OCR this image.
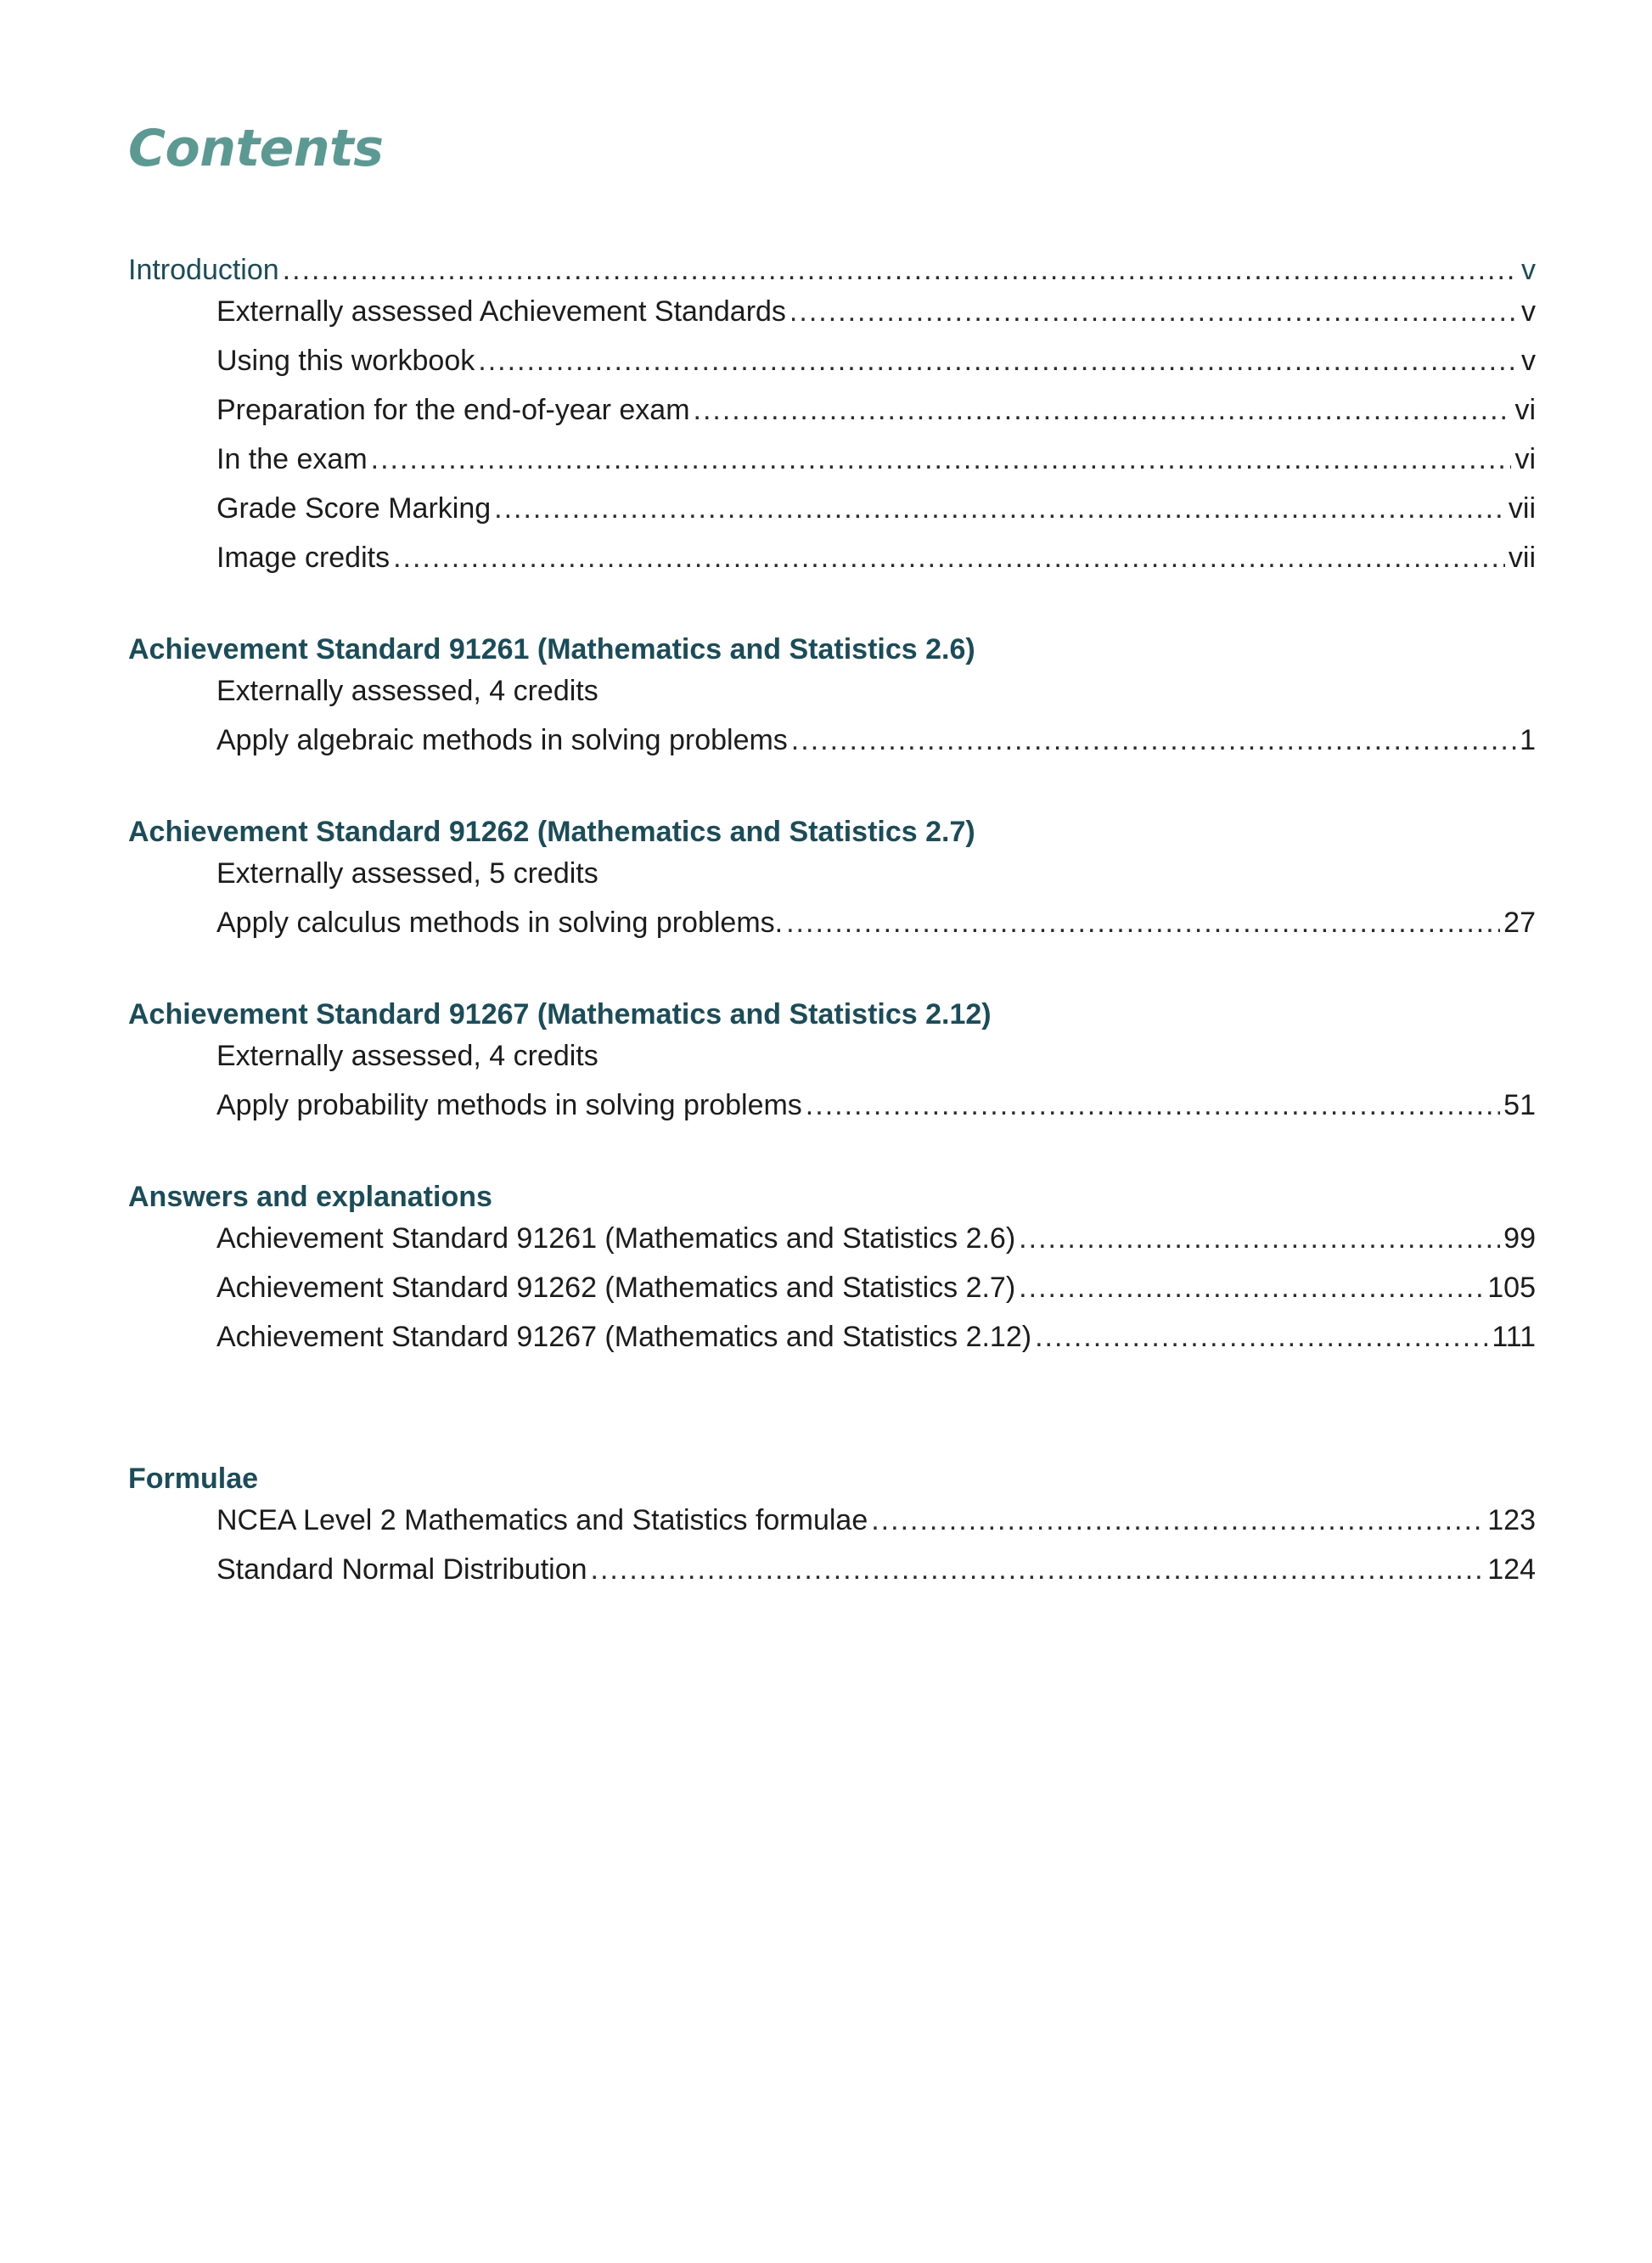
Contents
Introduction .....	v
Externally assessed Achievement Standards .....	v
Using this workbook .....	v
Preparation for the end-of-year exam .....	vi
In the exam .....	vi
Grade Score Marking .....	vii
Image credits .....	vii
Achievement Standard 91261 (Mathematics and Statistics 2.6)
Externally assessed, 4 credits
Apply algebraic methods in solving problems .....	1
Achievement Standard 91262 (Mathematics and Statistics 2.7)
Externally assessed, 5 credits
Apply calculus methods in solving problems. .....	27
Achievement Standard 91267 (Mathematics and Statistics 2.12)
Externally assessed, 4 credits
Apply probability methods in solving problems .....	51
Answers and explanations
Achievement Standard 91261 (Mathematics and Statistics 2.6) .....	99
Achievement Standard 91262 (Mathematics and Statistics 2.7) .....	105
Achievement Standard 91267 (Mathematics and Statistics 2.12) .....	111
Formulae
NCEA Level 2 Mathematics and Statistics formulae .....	123
Standard Normal Distribution .....	124
